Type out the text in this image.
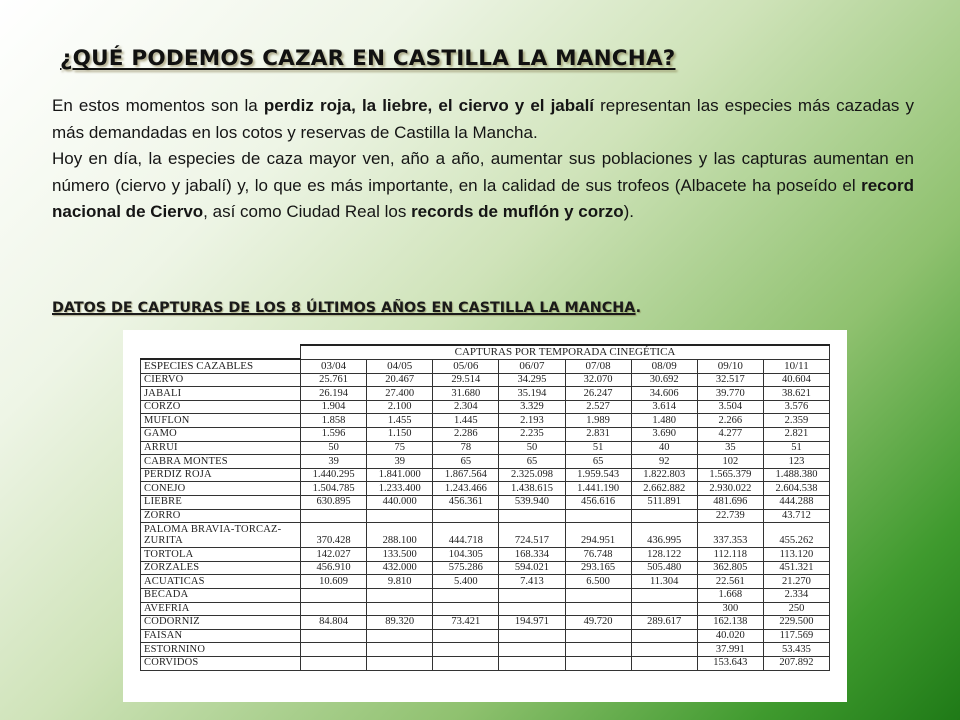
¿QUÉ PODEMOS CAZAR EN CASTILLA LA MANCHA?

En estos momentos son la perdiz roja, la liebre, el ciervo y el jabalí representan las especies más cazadas y más demandadas en los cotos y reservas de Castilla la Mancha.

Hoy en día, la especies de caza mayor ven, año a año, aumentar sus poblaciones y las capturas aumentan en número (ciervo y jabalí) y, lo que es más importante, en la calidad de sus trofeos (Albacete ha poseído el record nacional de Ciervo, así como Ciudad Real los records de muflón y corzo).

DATOS DE CAPTURAS DE LOS 8 ÚLTIMOS AÑOS EN CASTILLA LA MANCHA.
	CAPTURAS POR TEMPORADA CINEGÉTICA							
ESPECIES CAZABLES	03/04	04/05	05/06	06/07	07/08	08/09	09/10	10/11
CIERVO	25.761	20.467	29.514	34.295	32.070	30.692	32.517	40.604
JABALI	26.194	27.400	31.680	35.194	26.247	34.606	39.770	38.621
CORZO	1.904	2.100	2.304	3.329	2.527	3.614	3.504	3.576
MUFLON	1.858	1.455	1.445	2.193	1.989	1.480	2.266	2.359
GAMO	1.596	1.150	2.286	2.235	2.831	3.690	4.277	2.821
ARRUI	50	75	78	50	51	40	35	51
CABRA MONTES	39	39	65	65	65	92	102	123
PERDIZ ROJA	1.440.295	1.841.000	1.867.564	2.325.098	1.959.543	1.822.803	1.565.379	1.488.380
CONEJO	1.504.785	1.233.400	1.243.466	1.438.615	1.441.190	2.662.882	2.930.022	2.604.538
LIEBRE	630.895	440.000	456.361	539.940	456.616	511.891	481.696	444.288
ZORRO							22.739	43.712
PALOMA BRAVIA-TORCAZ-ZURITA	370.428	288.100	444.718	724.517	294.951	436.995	337.353	455.262
TORTOLA	142.027	133.500	104.305	168.334	76.748	128.122	112.118	113.120
ZORZALES	456.910	432.000	575.286	594.021	293.165	505.480	362.805	451.321
ACUATICAS	10.609	9.810	5.400	7.413	6.500	11.304	22.561	21.270
BECADA							1.668	2.334
AVEFRIA							300	250
CODORNIZ	84.804	89.320	73.421	194.971	49.720	289.617	162.138	229.500
FAISAN							40.020	117.569
ESTORNINO							37.991	53.435
CORVIDOS							153.643	207.892
